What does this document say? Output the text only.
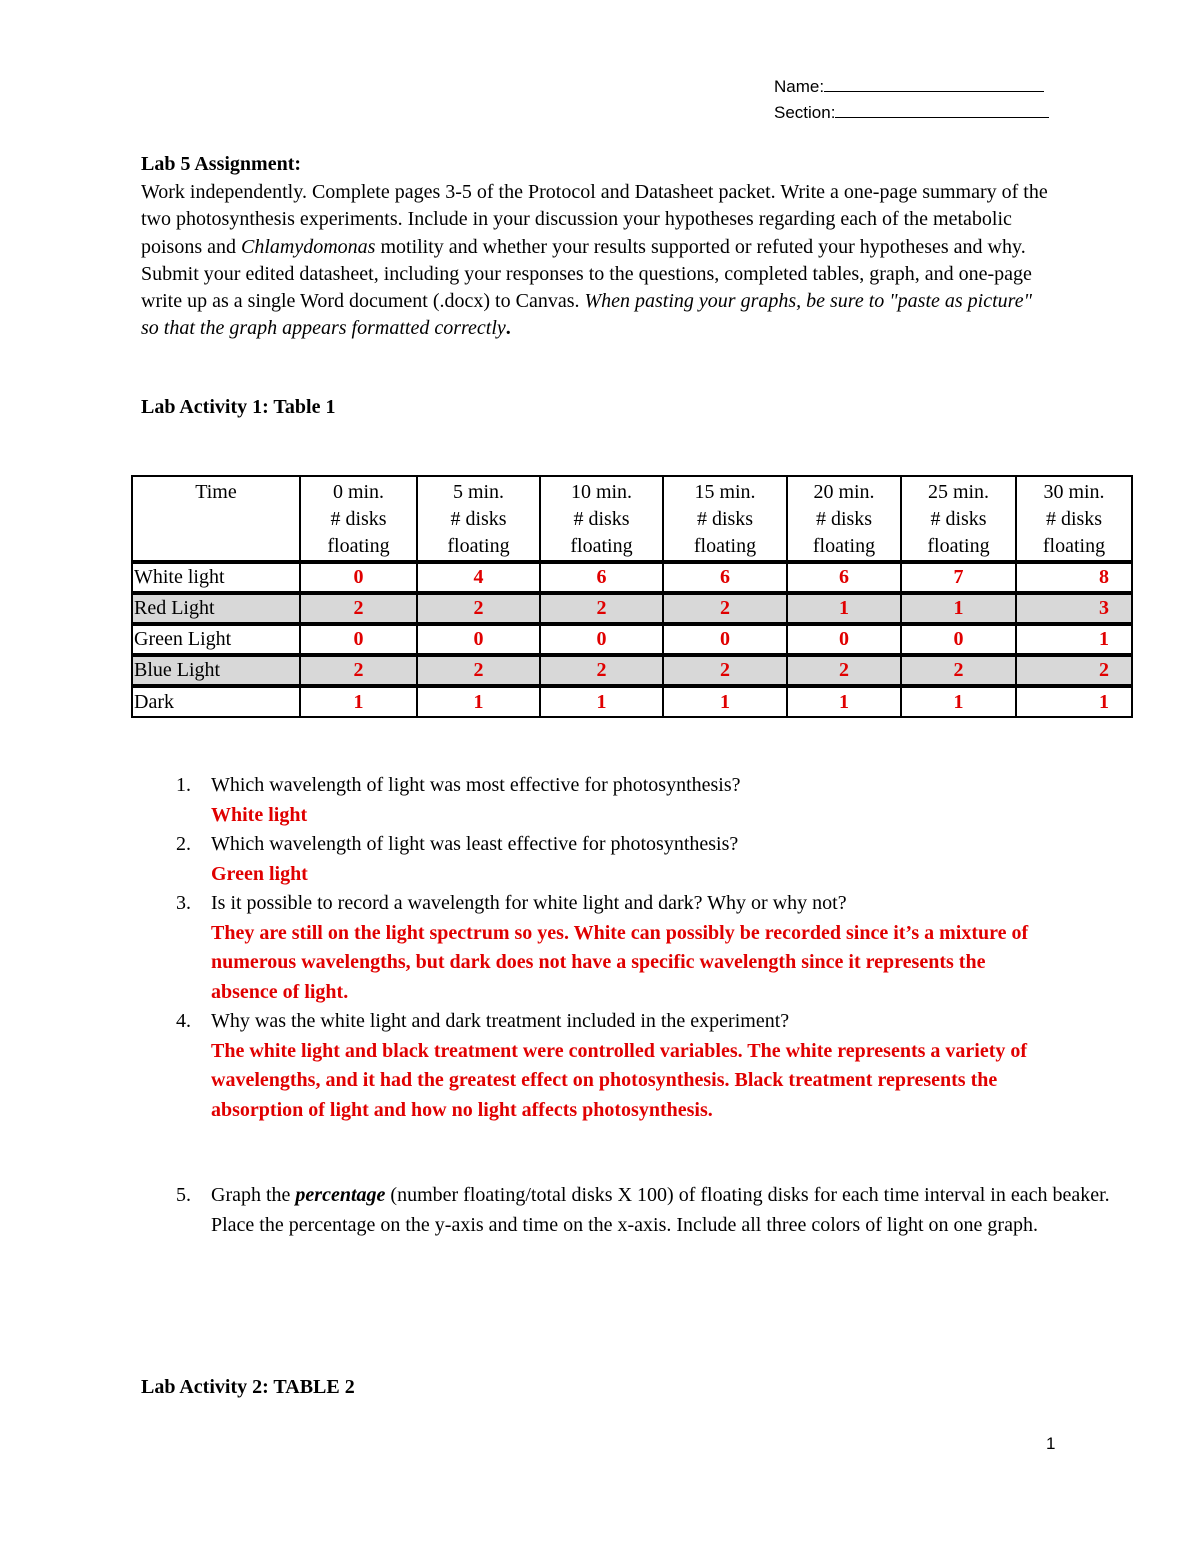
Name:
Section:
Lab 5 Assignment:

Work independently. Complete pages 3-5 of the Protocol and Datasheet packet. Write a one-page summary of the two photosynthesis experiments. Include in your discussion your hypotheses regarding each of the metabolic poisons and Chlamydomonas motility and whether your results supported or refuted your hypotheses and why. Submit your edited datasheet, including your responses to the questions, completed tables, graph, and one-page write up as a single Word document (.docx) to Canvas. When pasting your graphs, be sure to "paste as picture" so that the graph appears formatted correctly.

Lab Activity 1: Table 1
Time	0 min.
# disks
floating	5 min.
# disks
floating	10 min.
# disks
floating	15 min.
# disks
floating	20 min.
# disks
floating	25 min.
# disks
floating	30 min.
# disks
floating
White light	0	4	6	6	6	7	8
Red Light	2	2	2	2	1	1	3
Green Light	0	0	0	0	0	0	1
Blue Light	2	2	2	2	2	2	2
Dark	1	1	1	1	1	1	1
1. Which wavelength of light was most effective for photosynthesis?
White light
2. Which wavelength of light was least effective for photosynthesis?
Green light
3. Is it possible to record a wavelength for white light and dark? Why or why not?
They are still on the light spectrum so yes. White can possibly be recorded since it’s a mixture of numerous wavelengths, but dark does not have a specific wavelength since it represents the absence of light.
4. Why was the white light and dark treatment included in the experiment?
The white light and black treatment were controlled variables. The white represents a variety of wavelengths, and it had the greatest effect on photosynthesis. Black treatment represents the absorption of light and how no light affects photosynthesis.
5. Graph the percentage (number floating/total disks X 100) of floating disks for each time interval in each beaker. Place the percentage on the y-axis and time on the x-axis. Include all three colors of light on one graph.
Lab Activity 2: TABLE 2
1
